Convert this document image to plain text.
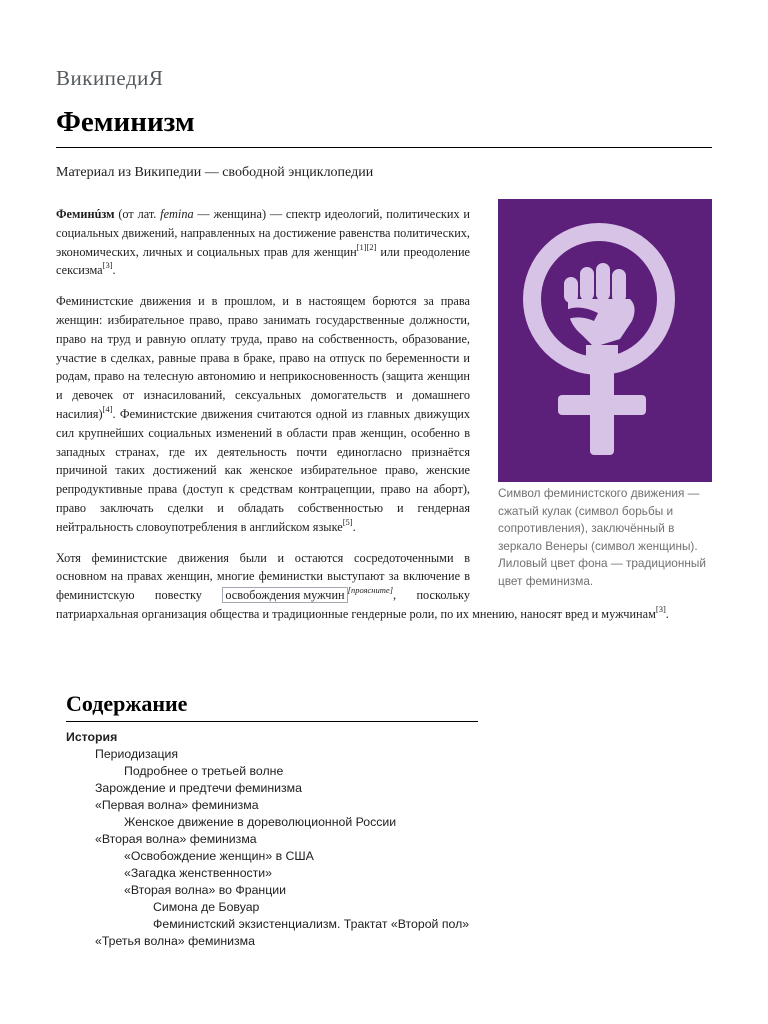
ВикипедиЯ
Феминизм
Материал из Википедии — свободной энциклопедии
Символ феминистского движения — сжатый кулак (символ борьбы и сопротивления), заключённый в зеркало Венеры (символ женщины). Лиловый цвет фона — традиционный цвет феминизма.

Феминúзм (от лат. femina — женщина) — спектр идеологий, политических и социальных движений, направленных на достижение равенства политических, экономических, личных и социальных прав для женщин[1][2] или преодоление сексизма[3].

Феминистские движения и в прошлом, и в настоящем борются за права женщин: избирательное право, право занимать государственные должности, право на труд и равную оплату труда, право на собственность, образование, участие в сделках, равные права в браке, право на отпуск по беременности и родам, право на телесную автономию и неприкосновенность (защита женщин и девочек от изнасилований, сексуальных домогательств и домашнего насилия)[4]. Феминистские движения считаются одной из главных движущих сил крупнейших социальных изменений в области прав женщин, особенно в западных странах, где их деятельность почти единогласно признаётся причиной таких достижений как женское избирательное право, женские репродуктивные права (доступ к средствам контрацепции, право на аборт), право заключать сделки и обладать собственностью и гендерная нейтральность словоупотребления в английском языке[5].

Хотя феминистские движения были и остаются сосредоточенными в основном на правах женщин, многие феминистки выступают за включение в феминистскую повестку освобождения мужчин [проясните], поскольку патриархальная организация общества и традиционные гендерные роли, по их мнению, наносят вред и мужчинам[3].

Содержание
История
Периодизация
Подробнее о третьей волне
Зарождение и предтечи феминизма
«Первая волна» феминизма
Женское движение в дореволюционной России
«Вторая волна» феминизма
«Освобождение женщин» в США
«Загадка женственности»
«Вторая волна» во Франции
Симона де Бовуар
Феминистский экзистенциализм. Трактат «Второй пол»
«Третья волна» феминизма
